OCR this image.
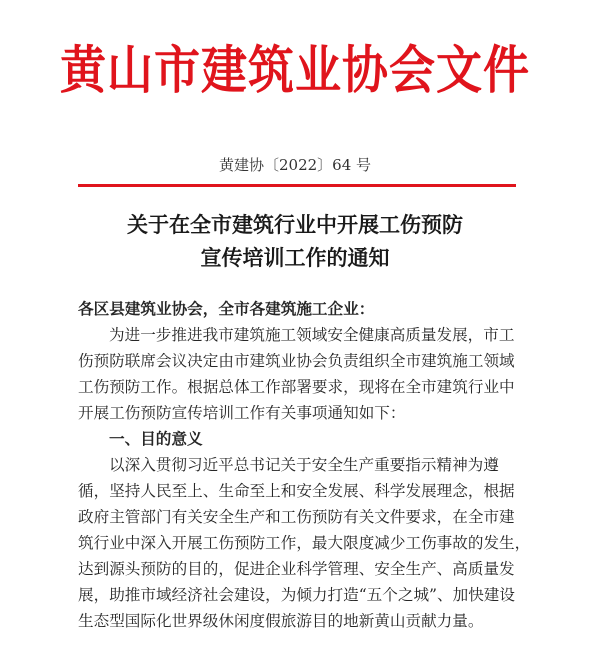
黄山市建筑业协会文件
黄建协〔2022〕64 号
关于在全市建筑行业中开展工伤预防
宣传培训工作的通知
各区县建筑业协会，全市各建筑施工企业：
为进一步推进我市建筑施工领域安全健康高质量发展，市工
伤预防联席会议决定由市建筑业协会负责组织全市建筑施工领域
工伤预防工作。根据总体工作部署要求，现将在全市建筑行业中
开展工伤预防宣传培训工作有关事项通知如下：
一、目的意义
以深入贯彻习近平总书记关于安全生产重要指示精神为遵
循，坚持人民至上、生命至上和安全发展、科学发展理念，根据
政府主管部门有关安全生产和工伤预防有关文件要求，在全市建
筑行业中深入开展工伤预防工作，最大限度减少工伤事故的发生，
达到源头预防的目的，促进企业科学管理、安全生产、高质量发
展，助推市域经济社会建设，为倾力打造“五个之城”、加快建设
生态型国际化世界级休闲度假旅游目的地新黄山贡献力量。
